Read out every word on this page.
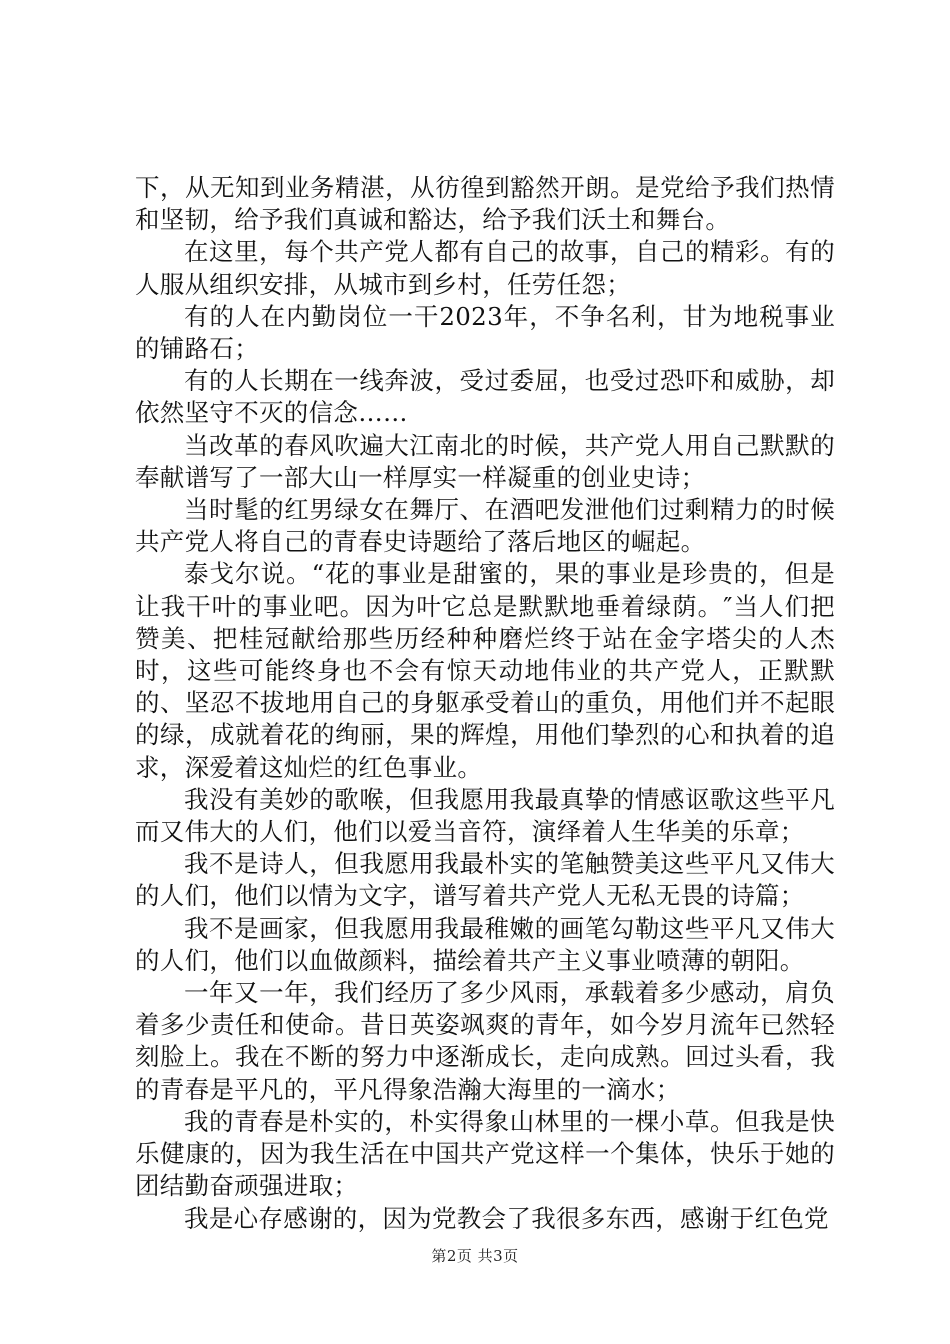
下，从无知到业务精湛，从彷徨到豁然开朗。是党给予我们热情和坚韧，给予我们真诚和豁达，给予我们沃土和舞台。

在这里，每个共产党人都有自己的故事，自己的精彩。有的人服从组织安排，从城市到乡村，任劳任怨；

有的人在内勤岗位一干2023年，不争名利，甘为地税事业的铺路石；

有的人长期在一线奔波，受过委屈，也受过恐吓和威胁，却依然坚守不灭的信念……

当改革的春风吹遍大江南北的时候，共产党人用自己默默的奉献谱写了一部大山一样厚实一样凝重的创业史诗；

当时髦的红男绿女在舞厅、在酒吧发泄他们过剩精力的时候共产党人将自己的青春史诗题给了落后地区的崛起。

泰戈尔说。“花的事业是甜蜜的，果的事业是珍贵的，但是让我干叶的事业吧。因为叶它总是默默地垂着绿荫。″当人们把赞美、把桂冠献给那些历经种种磨烂终于站在金字塔尖的人杰时，这些可能终身也不会有惊天动地伟业的共产党人，正默默的、坚忍不拔地用自己的身躯承受着山的重负，用他们并不起眼的绿，成就着花的绚丽，果的辉煌，用他们挚烈的心和执着的追求，深爱着这灿烂的红色事业。

我没有美妙的歌喉，但我愿用我最真挚的情感讴歌这些平凡而又伟大的人们，他们以爱当音符，演绎着人生华美的乐章；

我不是诗人，但我愿用我最朴实的笔触赞美这些平凡又伟大的人们，他们以情为文字，谱写着共产党人无私无畏的诗篇；

我不是画家，但我愿用我最稚嫩的画笔勾勒这些平凡又伟大的人们，他们以血做颜料，描绘着共产主义事业喷薄的朝阳。

一年又一年，我们经历了多少风雨，承载着多少感动，肩负着多少责任和使命。昔日英姿飒爽的青年，如今岁月流年已然轻刻脸上。我在不断的努力中逐渐成长，走向成熟。回过头看，我的青春是平凡的，平凡得象浩瀚大海里的一滴水；

我的青春是朴实的，朴实得象山林里的一棵小草。但我是快乐健康的，因为我生活在中国共产党这样一个集体，快乐于她的团结勤奋顽强进取；

我是心存感谢的，因为党教会了我很多东西，感谢于红色党

第2页 共3页
